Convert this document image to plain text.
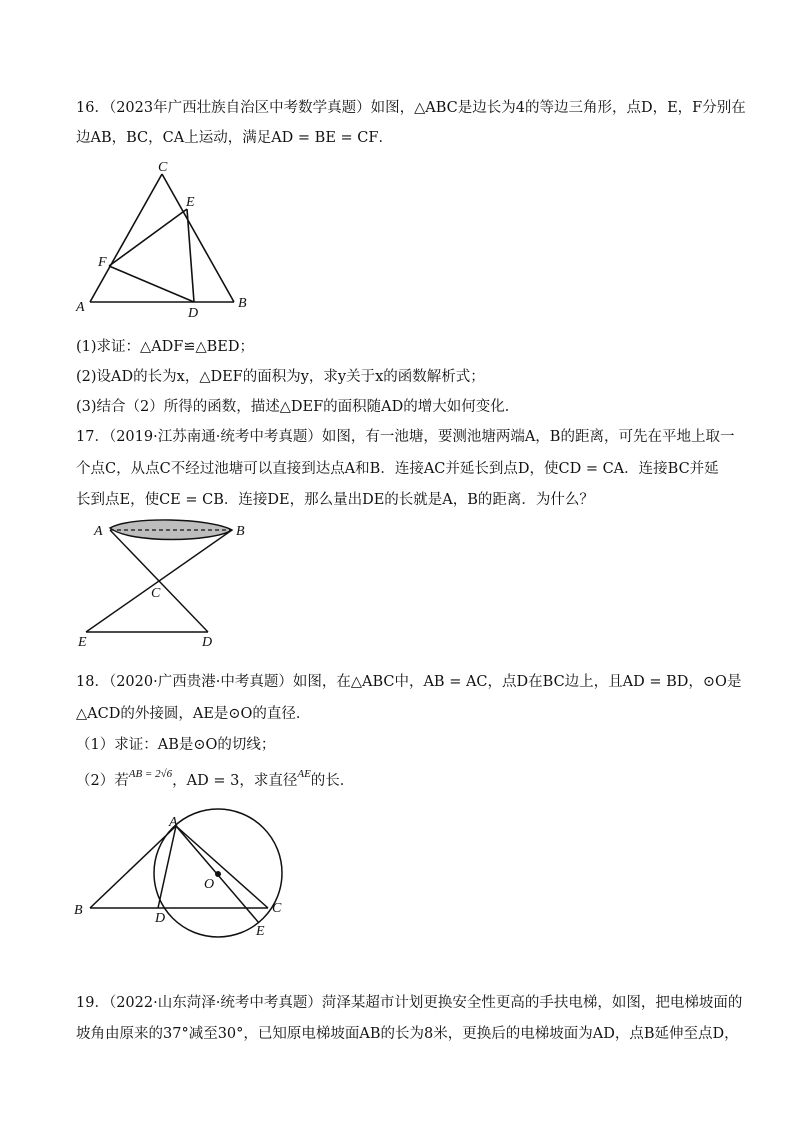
16．（2023年广西壮族自治区中考数学真题）如图，△ABC是边长为4的等边三角形，点D，E，F分别在
边AB，BC，CA上运动，满足AD = BE = CF．
C
E
F
A	B
D
(1)求证：△ADF≌△BED；
(2)设AD的长为x，△DEF的面积为y，求y关于x的函数解析式；
(3)结合（2）所得的函数，描述△DEF的面积随AD的增大如何变化．
17．（2019·江苏南通·统考中考真题）如图，有一池塘，要测池塘两端A，B的距离，可先在平地上取一
个点C，从点C不经过池塘可以直接到达点A和B．连接AC并延长到点D，使CD = CA．连接BC并延
长到点E，使CE = CB．连接DE，那么量出DE的长就是A，B的距离．为什么？
A	B
C
E	D
18．（2020·广西贵港·中考真题）如图，在△ABC中，AB = AC，点D在BC边上，且AD = BD，⊙O是
△ACD的外接圆，AE是⊙O的直径．
（1）求证：AB是⊙O的切线；
（2）若$^{AB = 2√6}$，AD = 3，求直径$^{AE}$的长．
A
O
B
D
C
E
19．（2022·山东菏泽·统考中考真题）菏泽某超市计划更换安全性更高的手扶电梯，如图，把电梯坡面的
坡角由原来的37°减至30°，已知原电梯坡面AB的长为8米，更换后的电梯坡面为AD，点B延伸至点D，
